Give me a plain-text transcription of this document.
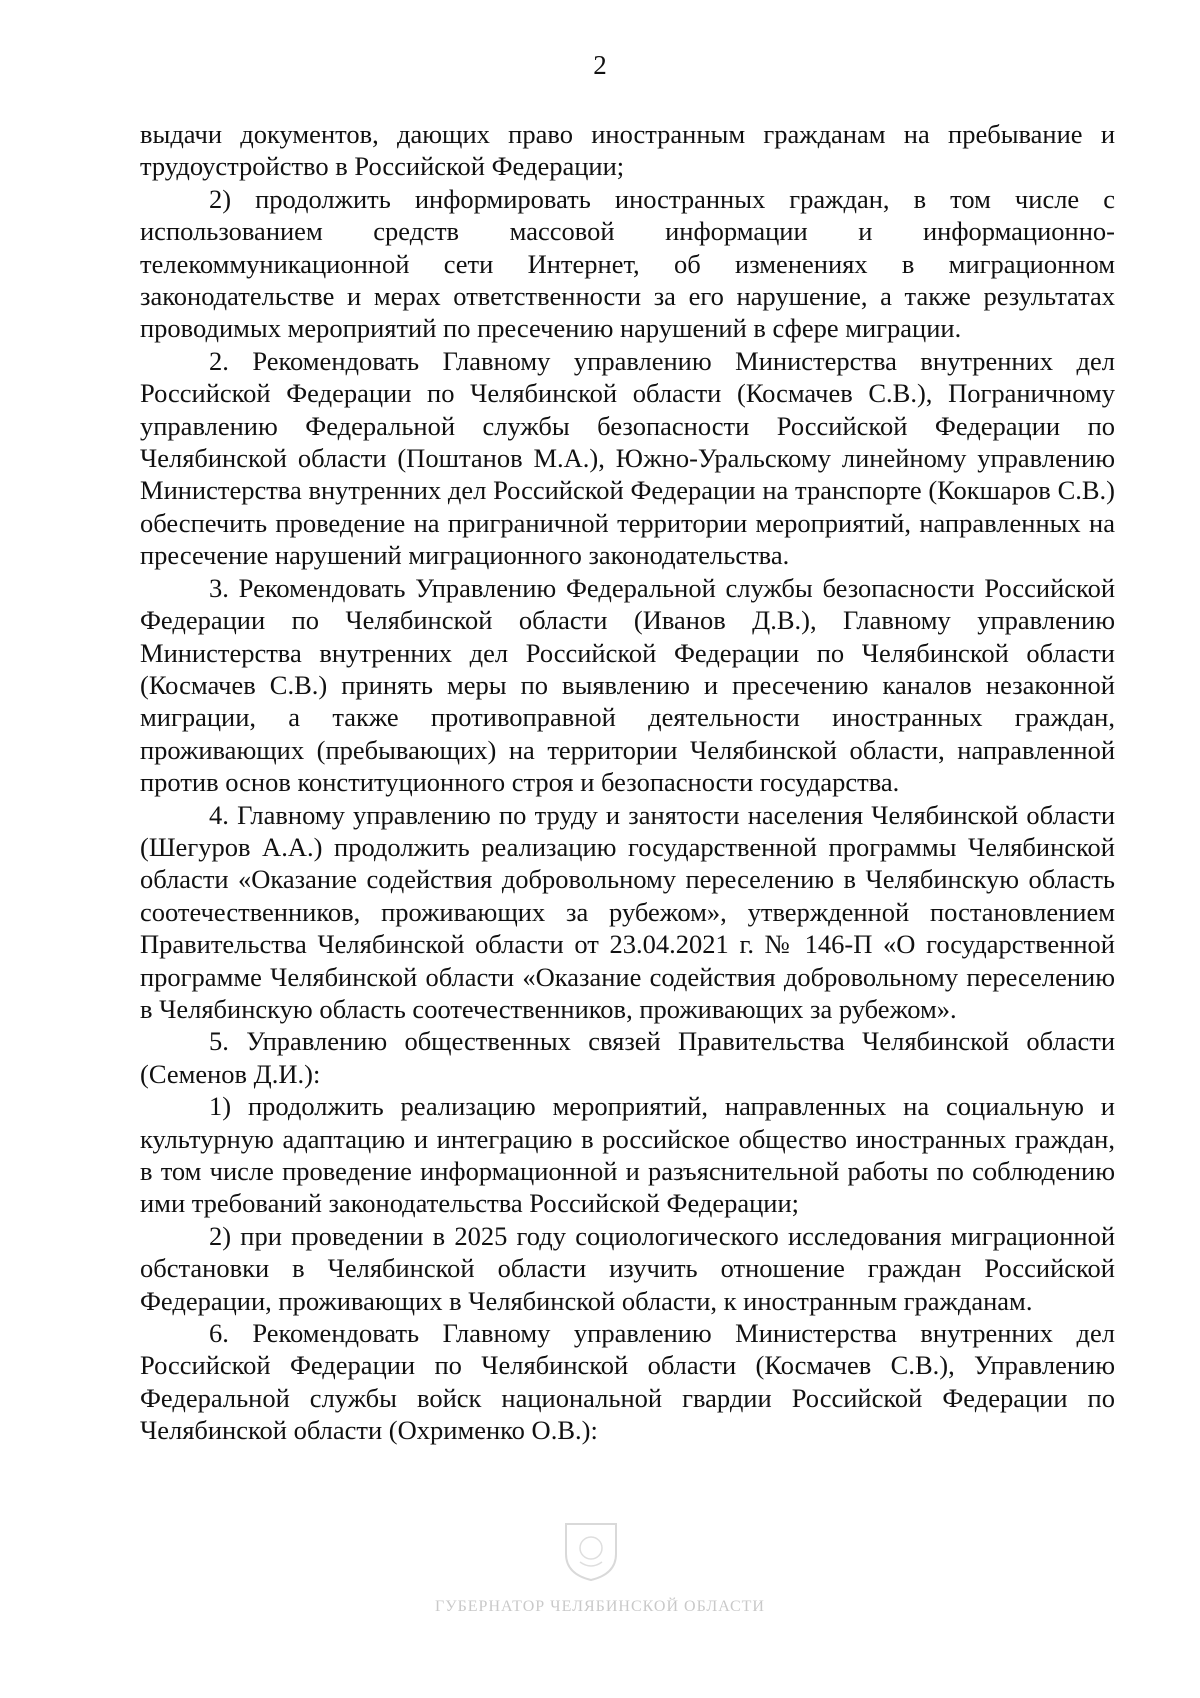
2

выдачи документов, дающих право иностранным гражданам на пребывание и трудоустройство в Российской Федерации;

2) продолжить информировать иностранных граждан, в том числе с использованием средств массовой информации и информационно-телекоммуникационной сети Интернет, об изменениях в миграционном законодательстве и мерах ответственности за его нарушение, а также результатах проводимых мероприятий по пресечению нарушений в сфере миграции.

2. Рекомендовать Главному управлению Министерства внутренних дел Российской Федерации по Челябинской области (Космачев С.В.), Пограничному управлению Федеральной службы безопасности Российской Федерации по Челябинской области (Поштанов М.А.), Южно-Уральскому линейному управлению Министерства внутренних дел Российской Федерации на транспорте (Кокшаров С.В.) обеспечить проведение на приграничной территории мероприятий, направленных на пресечение нарушений миграционного законодательства.

3. Рекомендовать Управлению Федеральной службы безопасности Российской Федерации по Челябинской области (Иванов Д.В.), Главному управлению Министерства внутренних дел Российской Федерации по Челябинской области (Космачев С.В.) принять меры по выявлению и пресечению каналов незаконной миграции, а также противоправной деятельности иностранных граждан, проживающих (пребывающих) на территории Челябинской области, направленной против основ конституционного строя и безопасности государства.

4. Главному управлению по труду и занятости населения Челябинской области (Шегуров А.А.) продолжить реализацию государственной программы Челябинской области «Оказание содействия добровольному переселению в Челябинскую область соотечественников, проживающих за рубежом», утвержденной постановлением Правительства Челябинской области от 23.04.2021 г. № 146-П «О государственной программе Челябинской области «Оказание содействия добровольному переселению в Челябинскую область соотечественников, проживающих за рубежом».

5. Управлению общественных связей Правительства Челябинской области (Семенов Д.И.):

1) продолжить реализацию мероприятий, направленных на социальную и культурную адаптацию и интеграцию в российское общество иностранных граждан, в том числе проведение информационной и разъяснительной работы по соблюдению ими требований законодательства Российской Федерации;

2) при проведении в 2025 году социологического исследования миграционной обстановки в Челябинской области изучить отношение граждан Российской Федерации, проживающих в Челябинской области, к иностранным гражданам.

6. Рекомендовать Главному управлению Министерства внутренних дел Российской Федерации по Челябинской области (Космачев С.В.), Управлению Федеральной службы войск национальной гвардии Российской Федерации по Челябинской области (Охрименко О.В.):

ГУБЕРНАТОР ЧЕЛЯБИНСКОЙ ОБЛАСТИ
